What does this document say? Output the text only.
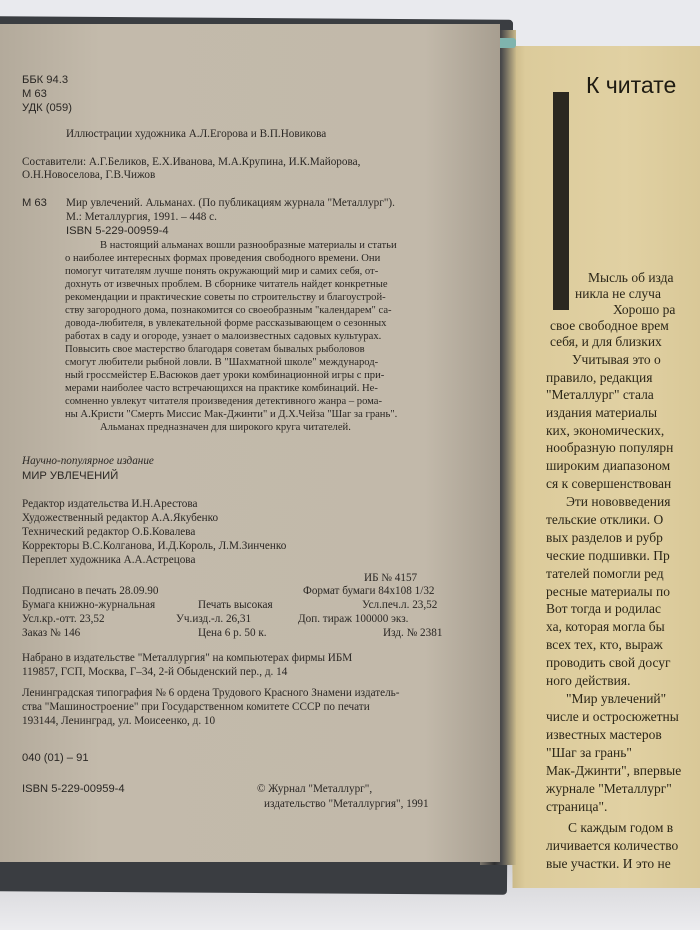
ББК 94.3
М 63
УДК (059)
Иллюстрации художника А.Л.Егорова и В.П.Новикова
Составители: А.Г.Беликов, Е.Х.Иванова, М.А.Крупина, И.К.Майорова,
О.Н.Новоселова, Г.В.Чижов
М 63 Мир увлечений. Альманах. (По публикациям журнала "Металлург").
М.: Металлургия, 1991. – 448 с.
ISBN 5-229-00959-4

В настоящий альманах вошли разнообразные материалы и статьи

о наиболее интересных формах проведения свободного времени. Они

помогут читателям лучше понять окружающий мир и самих себя, от-

дохнуть от извечных проблем. В сборнике читатель найдет конкретные

рекомендации и практические советы по строительству и благоустрой-

ству загородного дома, познакомится со своеобразным "календарем" са-

довода-любителя, в увлекательной форме рассказывающем о сезонных

работах в саду и огороде, узнает о малоизвестных садовых культурах.

Повысить свое мастерство благодаря советам бывалых рыболовов

смогут любители рыбной ловли. В "Шахматной школе" международ-

ный гроссмейстер Е.Васюков дает уроки комбинационной игры с при-

мерами наиболее часто встречающихся на практике комбинаций. Не-

сомненно увлекут читателя произведения детективного жанра – рома-

ны А.Кристи "Смерть Миссис Мак-Джинти" и Д.Х.Чейза "Шаг за грань".

Альманах предназначен для широкого круга читателей.

Научно-популярное издание
МИР УВЛЕЧЕНИЙ
Редактор издательства И.Н.Арестова
Художественный редактор А.А.Якубенко
Технический редактор О.Б.Ковалева
Корректоры В.С.Колганова, И.Д.Король, Л.М.Зинченко
Переплет художника А.А.Астрецова
ИБ № 4157
Подписано в печать 28.09.90	Формат бумаги 84х108 1/32
Бумага книжно-журнальная	Печать высокая	Усл.печ.л. 23,52
Усл.кр.-отт. 23,52	Уч.изд.-л. 26,31	Доп. тираж 100000 экз.
Заказ № 146	Цена 6 р. 50 к.	Изд. № 2381
Набрано в издательстве "Металлургия" на компьютерах фирмы ИБМ
119857, ГСП, Москва, Г–34, 2-й Обыденский пер., д. 14
Ленинградская типография № 6 ордена Трудового Красного Знамени издатель-
ства "Машиностроение" при Государственном комитете СССР по печати
193144, Ленинград, ул. Моисеенко, д. 10
040 (01) – 91
ISBN 5-229-00959-4	© Журнал "Металлург",
издательство "Металлургия", 1991
К читате
Мысль об изда
никла не случа
Хорошо ра
свое свободное врем
себя, и для близких
Учитывая это о
правило, редакция
"Металлург" стала
издания материалы
ких, экономических,
нообразную популярн
широким диапазоном
ся к совершенствован
Эти нововведения
тельские отклики. О
вых разделов и рубр
ческие подшивки. Пр
тателей помогли ред
ресные материалы по
Вот тогда и родилас
ха, которая могла бы
всех тех, кто, выраж
проводить свой досуг
ного действия.
"Мир увлечений"
числе и остросюжетны
известных мастеров
"Шаг за грань"
Мак-Джинти", впервые
журнале "Металлург"
страница".
С каждым годом в
личивается количество
вые участки. И это не
